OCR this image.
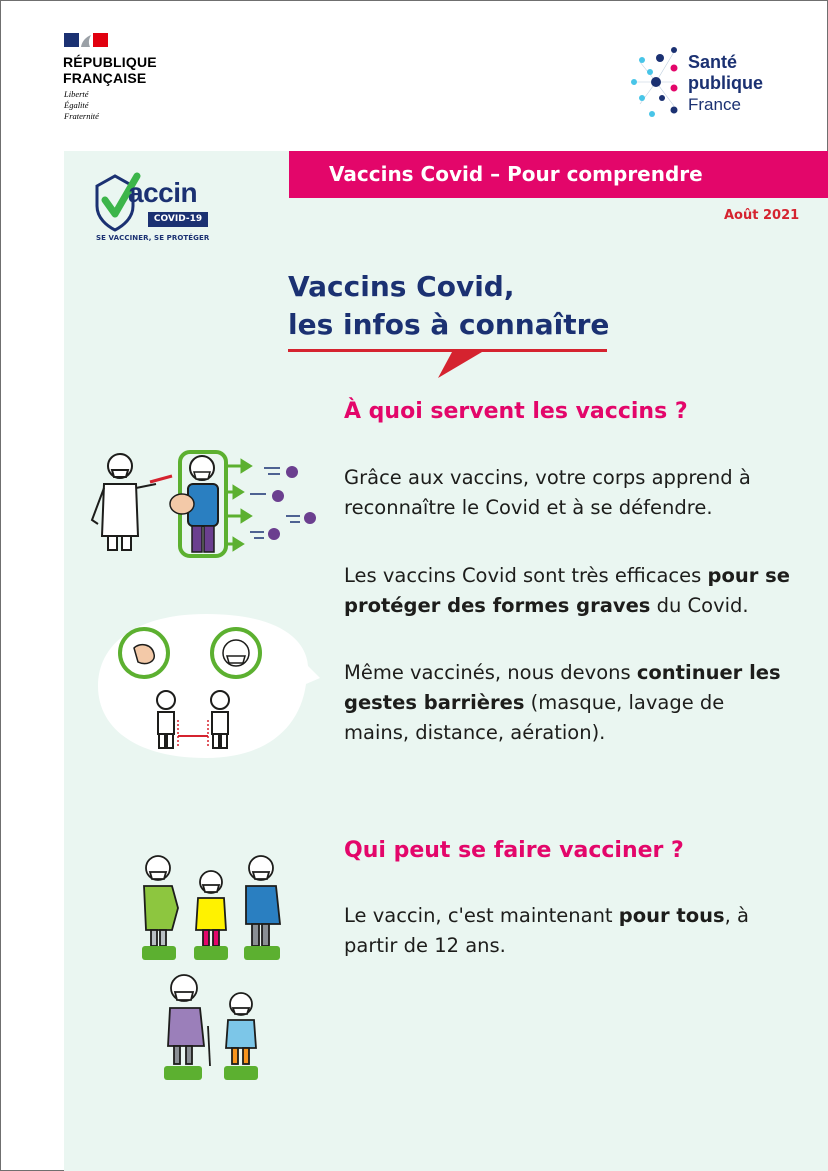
RÉPUBLIQUE
FRANÇAISE
Liberté
Égalité
Fraternité
Santé
publique
France
Vaccins Covid – Pour comprendre
Août 2021
accin
COVID-19
SE VACCINER, SE PROTÉGER
Vaccins Covid,
les infos à connaître
À quoi servent les vaccins ?

Grâce aux vaccins, votre corps apprend à reconnaître le Covid et à se défendre.

Les vaccins Covid sont très efficaces pour se protéger des formes graves du Covid.

Même vaccinés, nous devons continuer les gestes barrières (masque, lavage de mains, distance, aération).

Qui peut se faire vacciner ?

Le vaccin, c'est maintenant pour tous, à partir de 12 ans.
